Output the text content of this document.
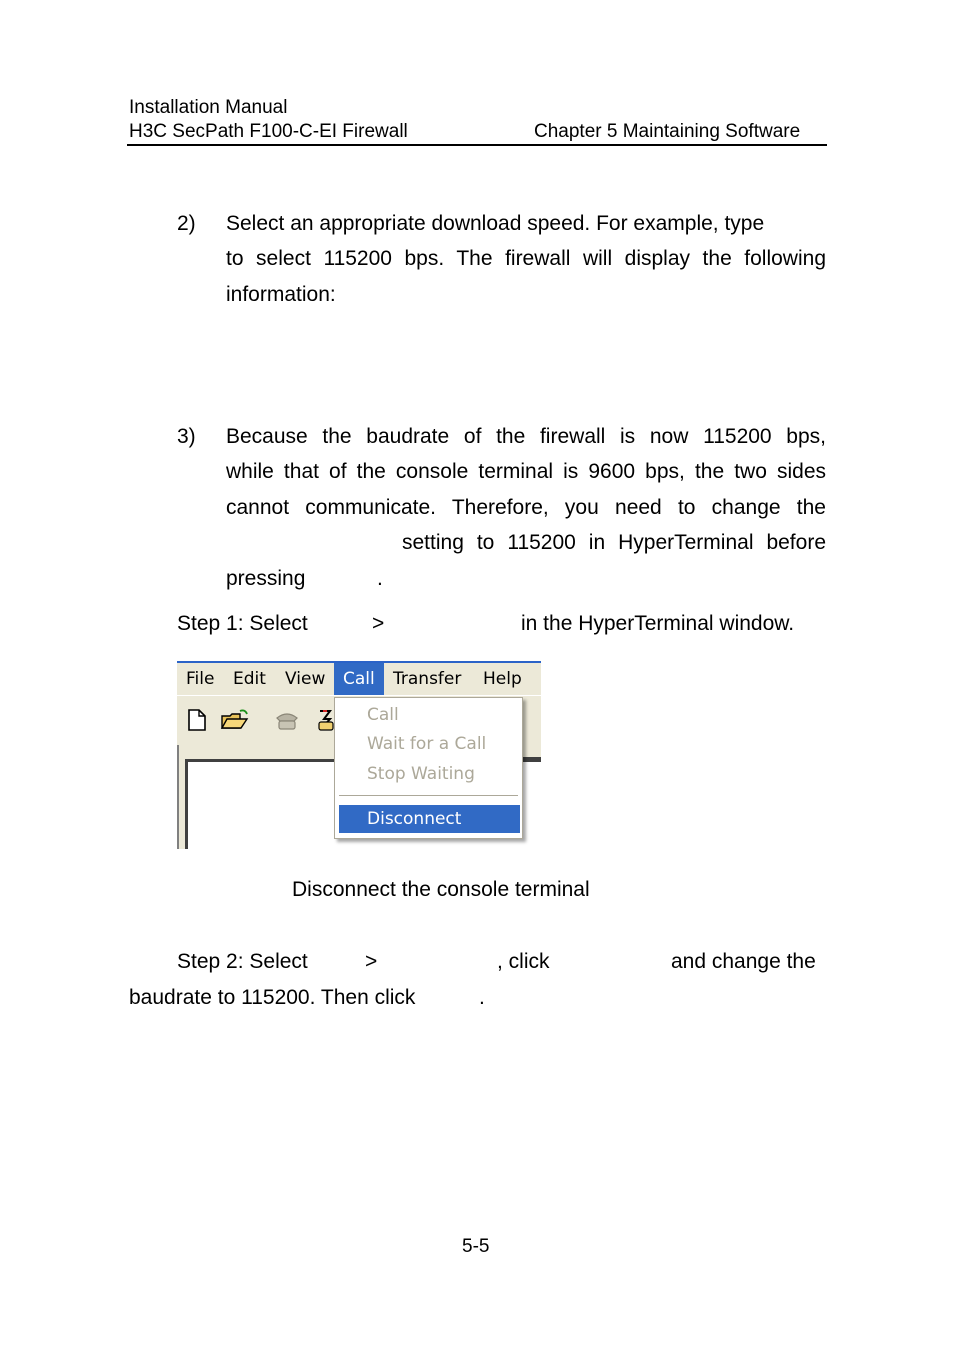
Installation Manual
H3C SecPath F100-C-EI Firewall	Chapter 5 Maintaining Software
2) Select an appropriate download speed. For example, type
to select 115200 bps. The firewall will display the following
information:
3) Because the baudrate of the firewall is now 115200 bps,
while that of the console terminal is 9600 bps, the two sides
cannot communicate. Therefore, you need to change the
setting to 115200 in HyperTerminal before
pressing	.
Step 1: Select	>	in the HyperTerminal window.
File Edit View	Call	Transfer Help
Call
Wait for a Call
Stop Waiting
Disconnect
Disconnect the console terminal
Step 2: Select	>	, click	and change the
baudrate to 115200. Then click	.
5-5
